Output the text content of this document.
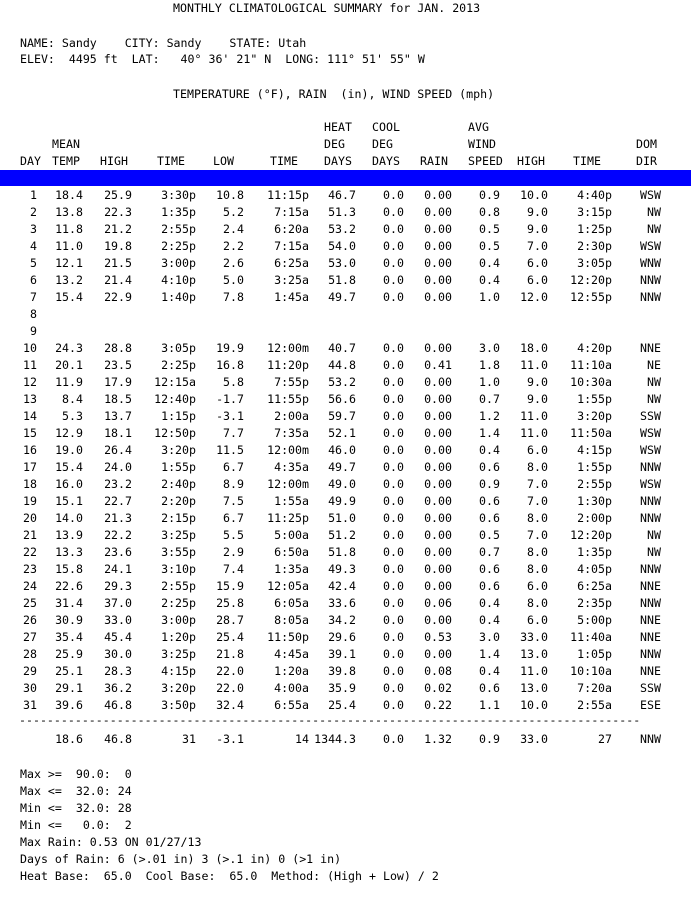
MONTHLY CLIMATOLOGICAL SUMMARY for JAN. 2013
NAME: Sandy    CITY: Sandy    STATE: Utah
ELEV:  4495 ft  LAT:   40° 36' 21" N  LONG: 111° 51' 55" W
TEMPERATURE (°F), RAIN  (in), WIND SPEED (mph)
HEAT COOL	AVG
MEAN	DEG DEG	WIND	DOM
DAY TEMP HIGH	TIME LOW	TIME DAYS DAYS RAIN SPEED HIGH TIME	DIR

1 18.4 25.9	3:30p 10.8 11:15p 46.7 0.0 0.00 0.9 10.0	4:40p WSW
2 13.8 22.3	1:35p 5.2	7:15a 51.3 0.0 0.00 0.8 9.0	3:15p	NW
3 11.8 21.2	2:55p 2.4	6:20a 53.2 0.0 0.00 0.5 9.0	1:25p	NW
4 11.0 19.8	2:25p 2.2	7:15a 54.0 0.0 0.00 0.5 7.0	2:30p WSW
5 12.1 21.5	3:00p 2.6	6:25a 53.0 0.0 0.00 0.4 6.0	3:05p WNW
6 13.2 21.4	4:10p 5.0	3:25a 51.8 0.0 0.00 0.4 6.0 12:20p NNW
7 15.4 22.9	1:40p 7.8	1:45a 49.7 0.0 0.00 1.0 12.0 12:55p NNW
8
9
10 24.3 28.8	3:05p 19.9 12:00m 40.7 0.0 0.00 3.0 18.0	4:20p NNE
11 20.1 23.5	2:25p 16.8 11:20p 44.8 0.0 0.41 1.8 11.0 11:10a	NE
12 11.9 17.9 12:15a 5.8	7:55p 53.2 0.0 0.00 1.0 9.0 10:30a	NW
13 8.4 18.5 12:40p -1.7 11:55p 56.6 0.0 0.00 0.7 9.0	1:55p	NW
14 5.3 13.7	1:15p -3.1	2:00a 59.7 0.0 0.00 1.2 11.0	3:20p SSW
15 12.9 18.1 12:50p 7.7	7:35a 52.1 0.0 0.00 1.4 11.0 11:50a WSW
16 19.0 26.4	3:20p 11.5 12:00m 46.0 0.0 0.00 0.4 6.0	4:15p WSW
17 15.4 24.0	1:55p 6.7	4:35a 49.7 0.0 0.00 0.6 8.0	1:55p NNW
18 16.0 23.2	2:40p 8.9 12:00m 49.0 0.0 0.00 0.9 7.0	2:55p WSW
19 15.1 22.7	2:20p 7.5	1:55a 49.9 0.0 0.00 0.6 7.0	1:30p NNW
20 14.0 21.3	2:15p 6.7 11:25p 51.0 0.0 0.00 0.6 8.0	2:00p NNW
21 13.9 22.2	3:25p 5.5	5:00a 51.2 0.0 0.00 0.5 7.0 12:20p	NW
22 13.3 23.6	3:55p 2.9	6:50a 51.8 0.0 0.00 0.7 8.0	1:35p	NW
23 15.8 24.1	3:10p 7.4	1:35a 49.3 0.0 0.00 0.6 8.0	4:05p NNW
24 22.6 29.3	2:55p 15.9 12:05a 42.4 0.0 0.00 0.6 6.0	6:25a NNE
25 31.4 37.0	2:25p 25.8	6:05a 33.6 0.0 0.06 0.4 8.0	2:35p NNW
26 30.9 33.0	3:00p 28.7	8:05a 34.2 0.0 0.00 0.4 6.0	5:00p NNE
27 35.4 45.4	1:20p 25.4 11:50p 29.6 0.0 0.53 3.0 33.0 11:40a NNE
28 25.9 30.0	3:25p 21.8	4:45a 39.1 0.0 0.00 1.4 13.0	1:05p NNW
29 25.1 28.3	4:15p 22.0	1:20a 39.8 0.0 0.08 0.4 11.0 10:10a NNE
30 29.1 36.2	3:20p 22.0	4:00a 35.9 0.0 0.02 0.6 13.0	7:20a SSW
31 39.6 46.8	3:50p 32.4	6:55a 25.4 0.0 0.22 1.1 10.0	2:55a ESE
-----------------------------------------------------------------------------------------
18.6 46.8	31 -3.1	14 1344.3 0.0 1.32 0.9 33.0	27 NNW
Max >=  90.0:  0
Max <=  32.0: 24
Min <=  32.0: 28
Min <=   0.0:  2
Max Rain: 0.53 ON 01/27/13
Days of Rain: 6 (>.01 in) 3 (>.1 in) 0 (>1 in)
Heat Base:  65.0  Cool Base:  65.0  Method: (High + Low) / 2
